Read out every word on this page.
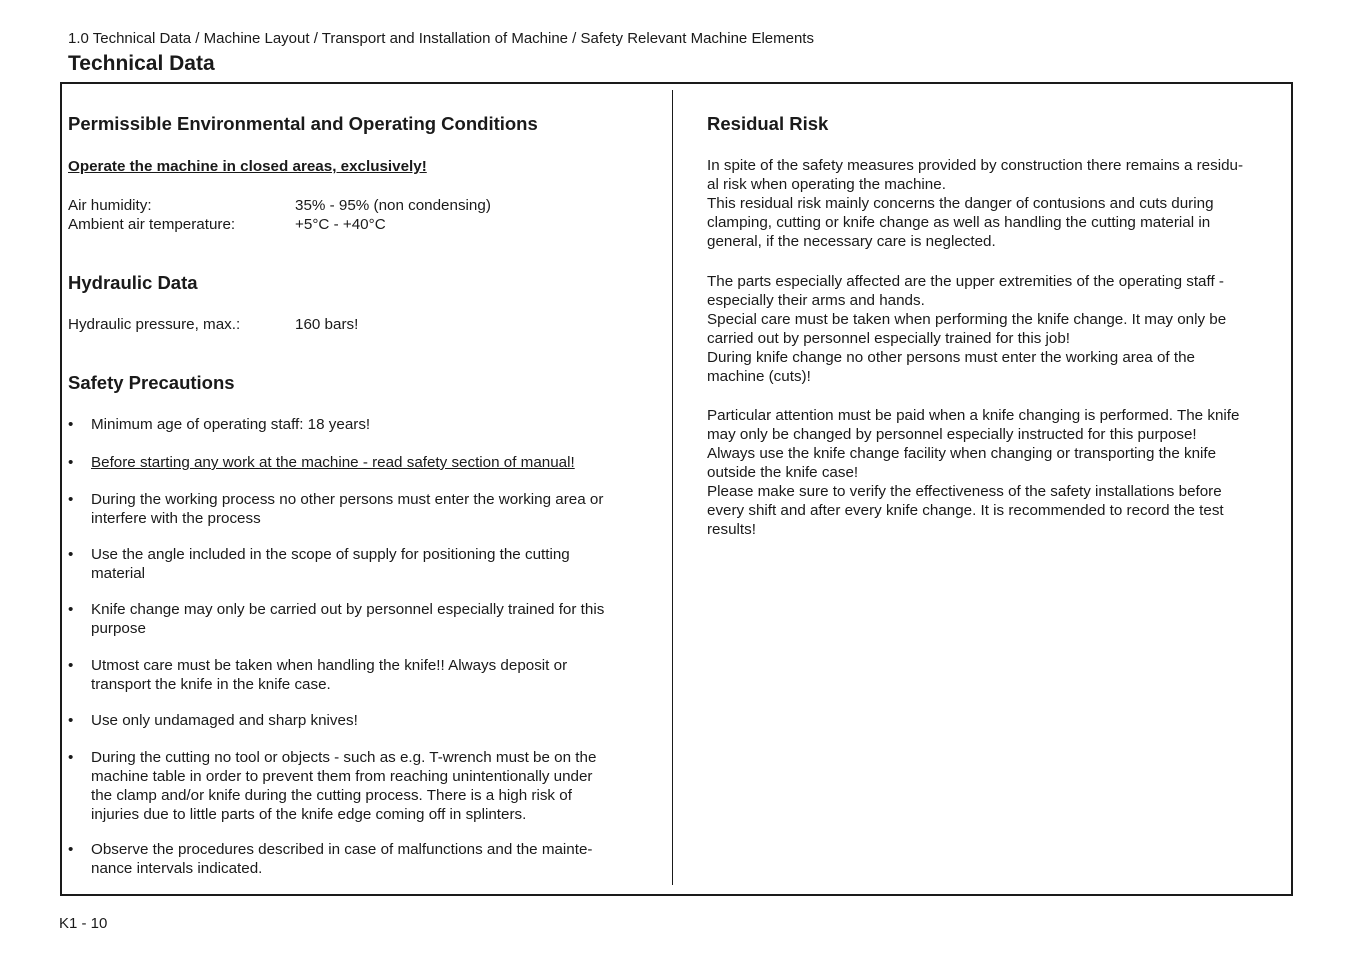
1.0 Technical Data / Machine Layout / Transport and Installation of Machine / Safety Relevant Machine Elements
Technical Data
Permissible Environmental and Operating Conditions
Operate the machine in closed areas, exclusively!
Air humidity:	35% - 95% (non condensing)
Ambient air temperature:	+5°C - +40°C
Hydraulic Data
Hydraulic pressure, max.:	160 bars!
Safety Precautions
• Minimum age of operating staff: 18 years!
• Before starting any work at the machine - read safety section of manual!
• During the working process no other persons must enter the working area or
interfere with the process
• Use the angle included in the scope of supply for positioning the cutting
material
• Knife change may only be carried out by personnel especially trained for this
purpose
• Utmost care must be taken when handling the knife!! Always deposit or
transport the knife in the knife case.
• Use only undamaged and sharp knives!
• During the cutting no tool or objects - such as e.g. T-wrench must be on the
machine table in order to prevent them from reaching unintentionally under
the clamp and/or knife during the cutting process. There is a high risk of
injuries due to little parts of the knife edge coming off in splinters.
• Observe the procedures described in case of malfunctions and the mainte-
nance intervals indicated.
Residual Risk
In spite of the safety measures provided by construction there remains a residu-
al risk when operating the machine.
This residual risk mainly concerns the danger of contusions and cuts during
clamping, cutting or knife change as well as handling the cutting material in
general, if the necessary care is neglected.
The parts especially affected are the upper extremities of the operating staff -
especially their arms and hands.
Special care must be taken when performing the knife change. It may only be
carried out by personnel especially trained for this job!
During knife change no other persons must enter the working area of the
machine (cuts)!
Particular attention must be paid when a knife changing is performed. The knife
may only be changed by personnel especially instructed for this purpose!
Always use the knife change facility when changing or transporting the knife
outside the knife case!
Please make sure to verify the effectiveness of the safety installations before
every shift and after every knife change. It is recommended to record the test
results!
K1 - 10
